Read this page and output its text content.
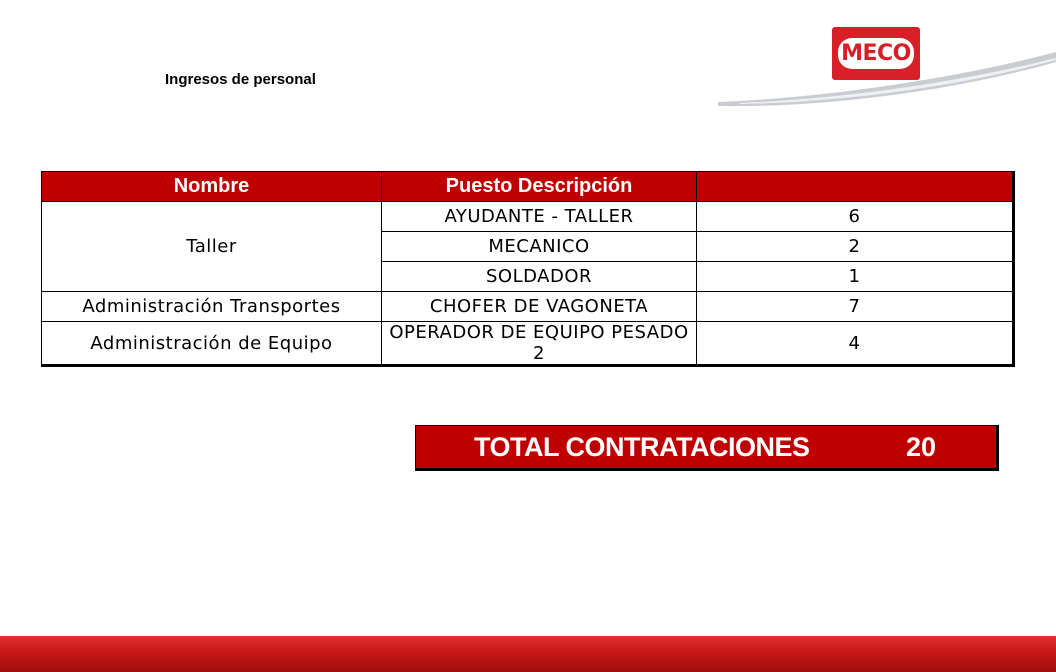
Ingresos de personal
MECO
Nombre	Puesto Descripción	
Taller	AYUDANTE - TALLER	6
	MECANICO	2
	SOLDADOR	1
Administración Transportes	CHOFER DE VAGONETA	7
Administración de Equipo	OPERADOR DE EQUIPO PESADO 2	4
TOTAL CONTRATACIONES	20
